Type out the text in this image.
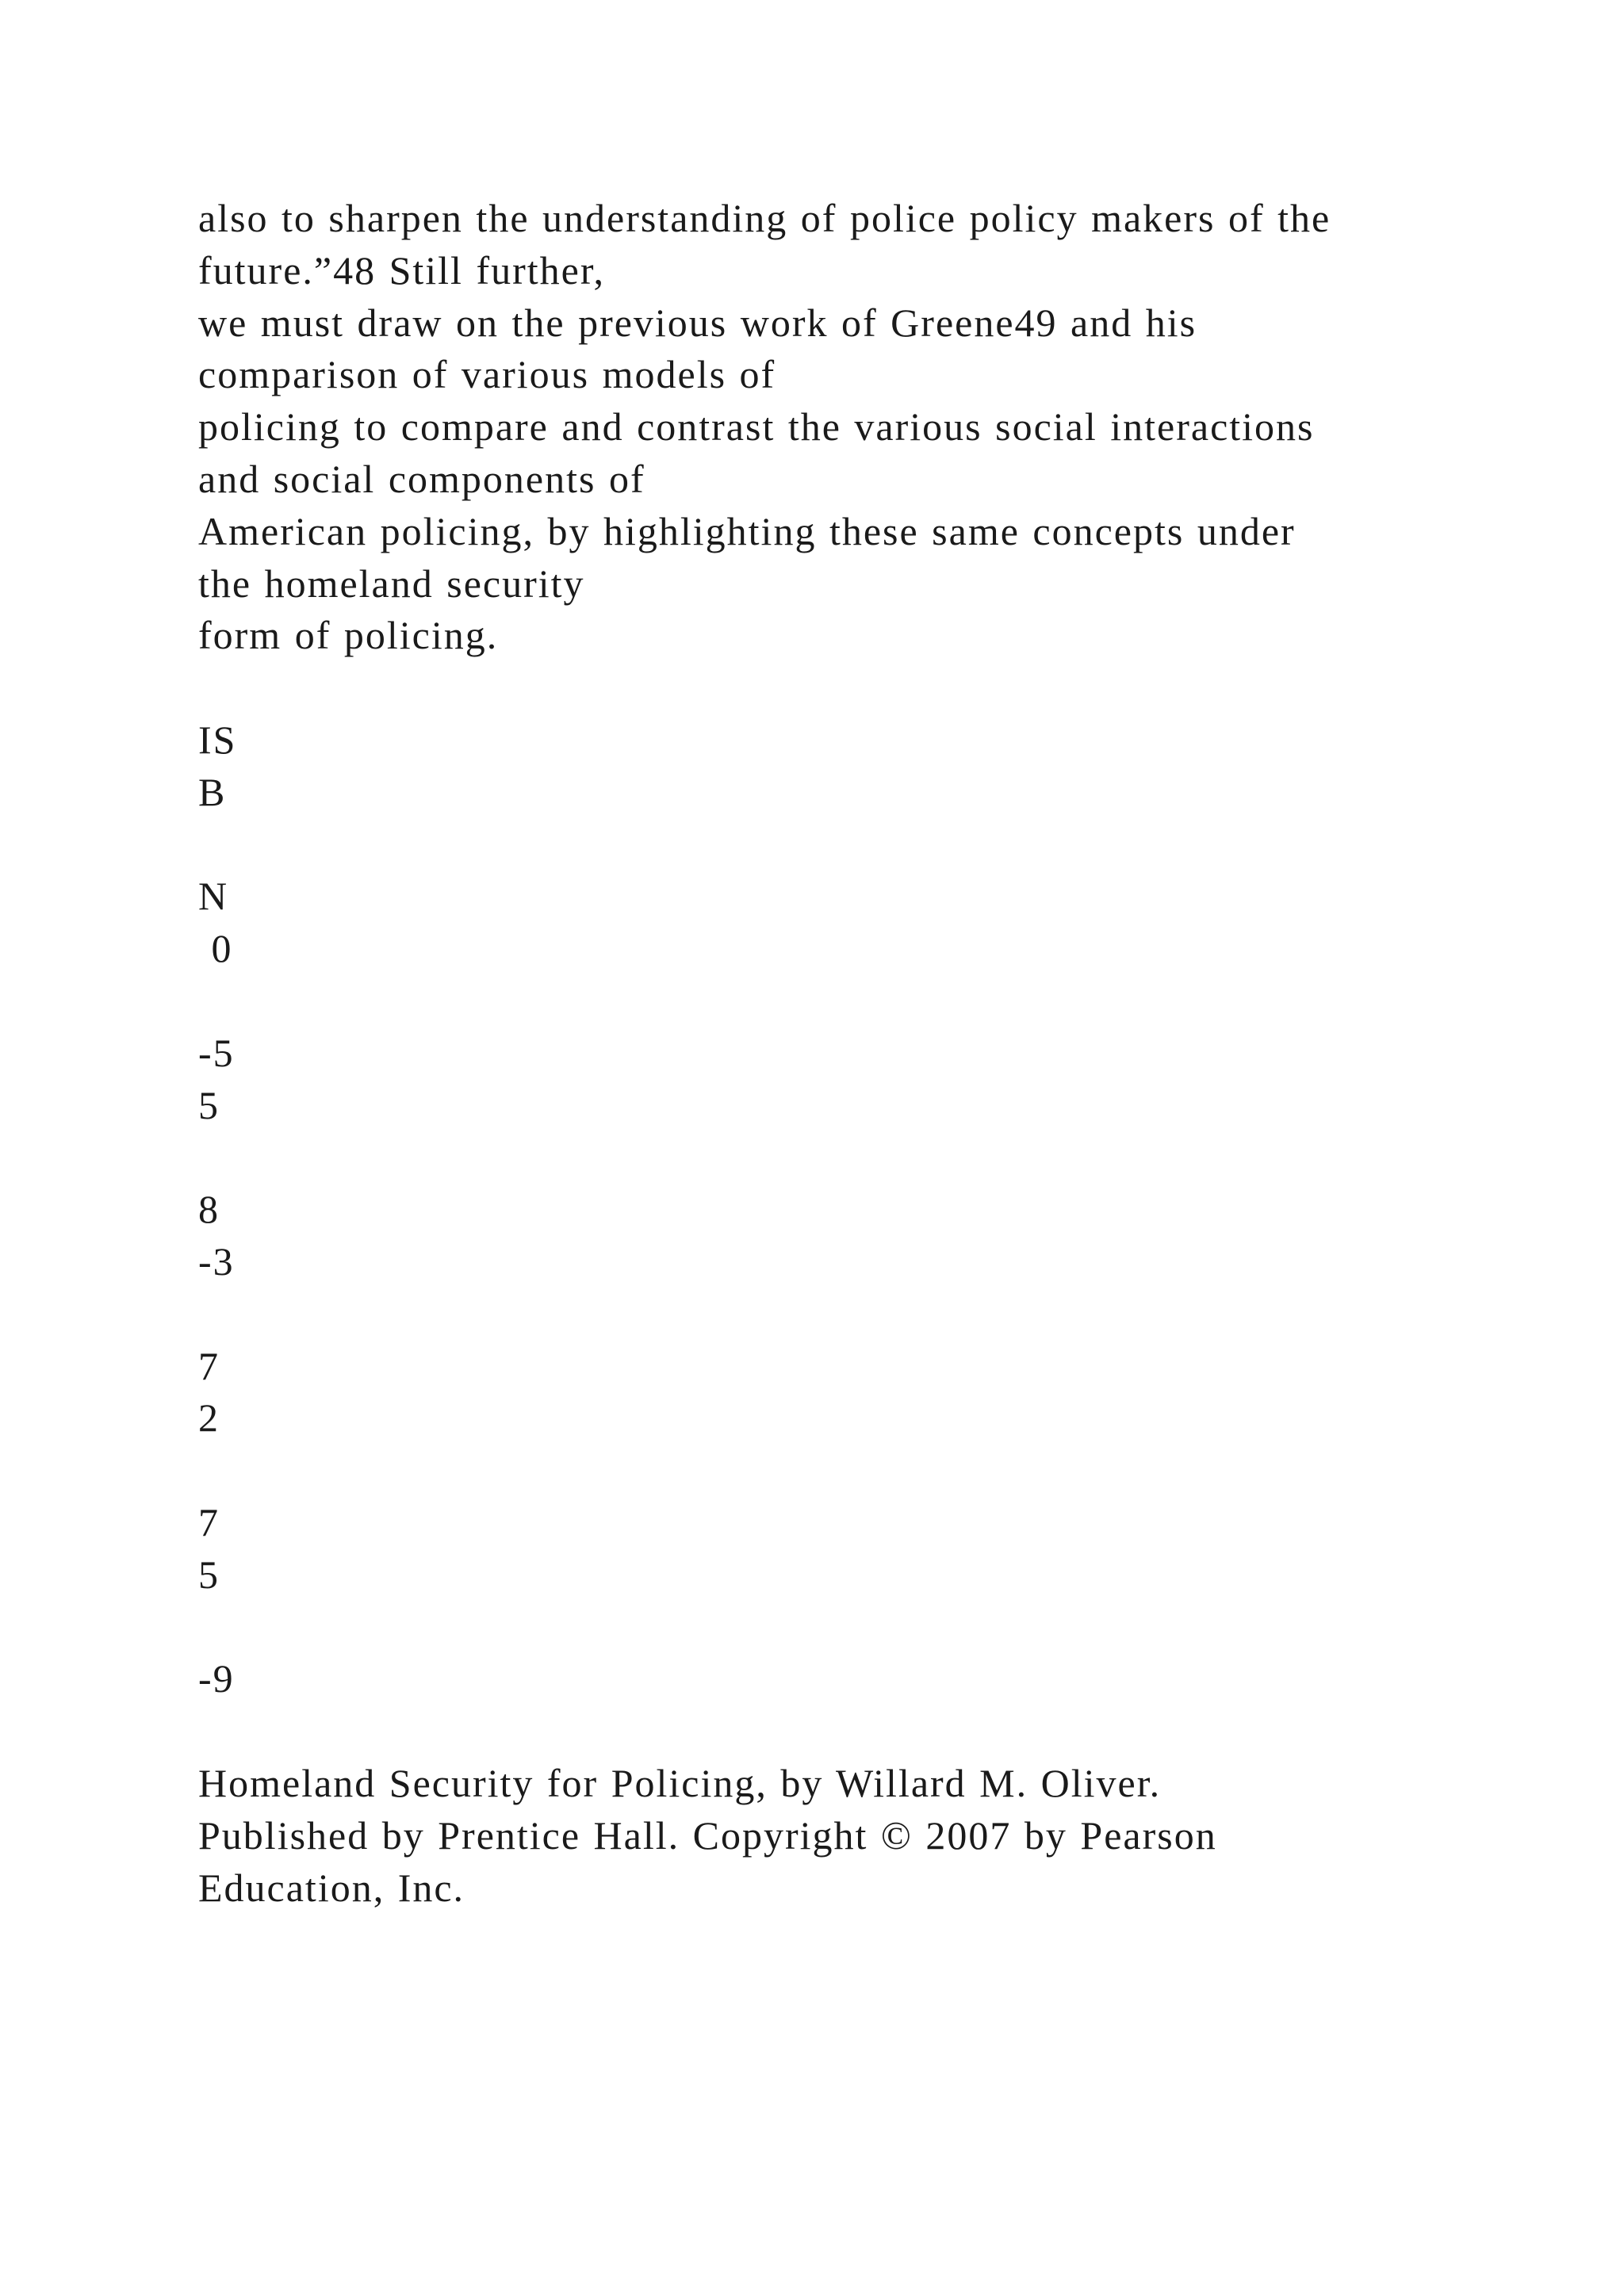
also to sharpen the understanding of police policy makers of the
future.”48 Still further,
we must draw on the previous work of Greene49 and his
comparison of various models of
policing to compare and contrast the various social interactions
and social components of
American policing, by highlighting these same concepts under
the homeland security
form of policing.
IS
B
N
0
-5
5
8
-3
7
2
7
5
-9
Homeland Security for Policing, by Willard M. Oliver.
Published by Prentice Hall. Copyright © 2007 by Pearson
Education, Inc.
